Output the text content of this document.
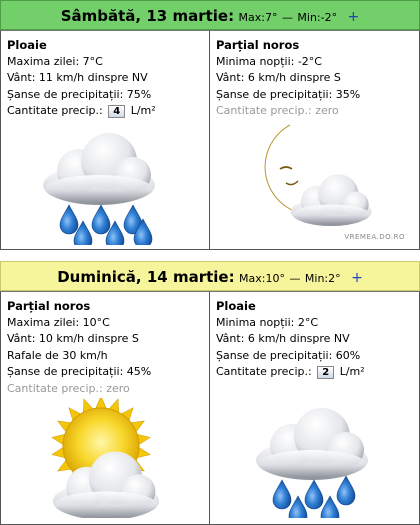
Sâmbătă, 13 martie: Max:7° — Min:-2° +
Ploaie
Maxima zilei: 7°C
Vânt: 11 km/h dinspre NV
Șanse de precipitații: 75%
Cantitate precip.: 4 L/m²
Parțial noros
Minima nopții: -2°C
Vânt: 6 km/h dinspre S
Șanse de precipitații: 35%
Cantitate precip.: zero
VREMEA.DO.RO
Duminică, 14 martie: Max:10° — Min:2° +
Parțial noros
Maxima zilei: 10°C
Vânt: 10 km/h dinspre S
Rafale de 30 km/h
Șanse de precipitații: 45%
Cantitate precip.: zero
Ploaie
Minima nopții: 2°C
Vânt: 6 km/h dinspre NV
Șanse de precipitații: 60%
Cantitate precip.: 2 L/m²
